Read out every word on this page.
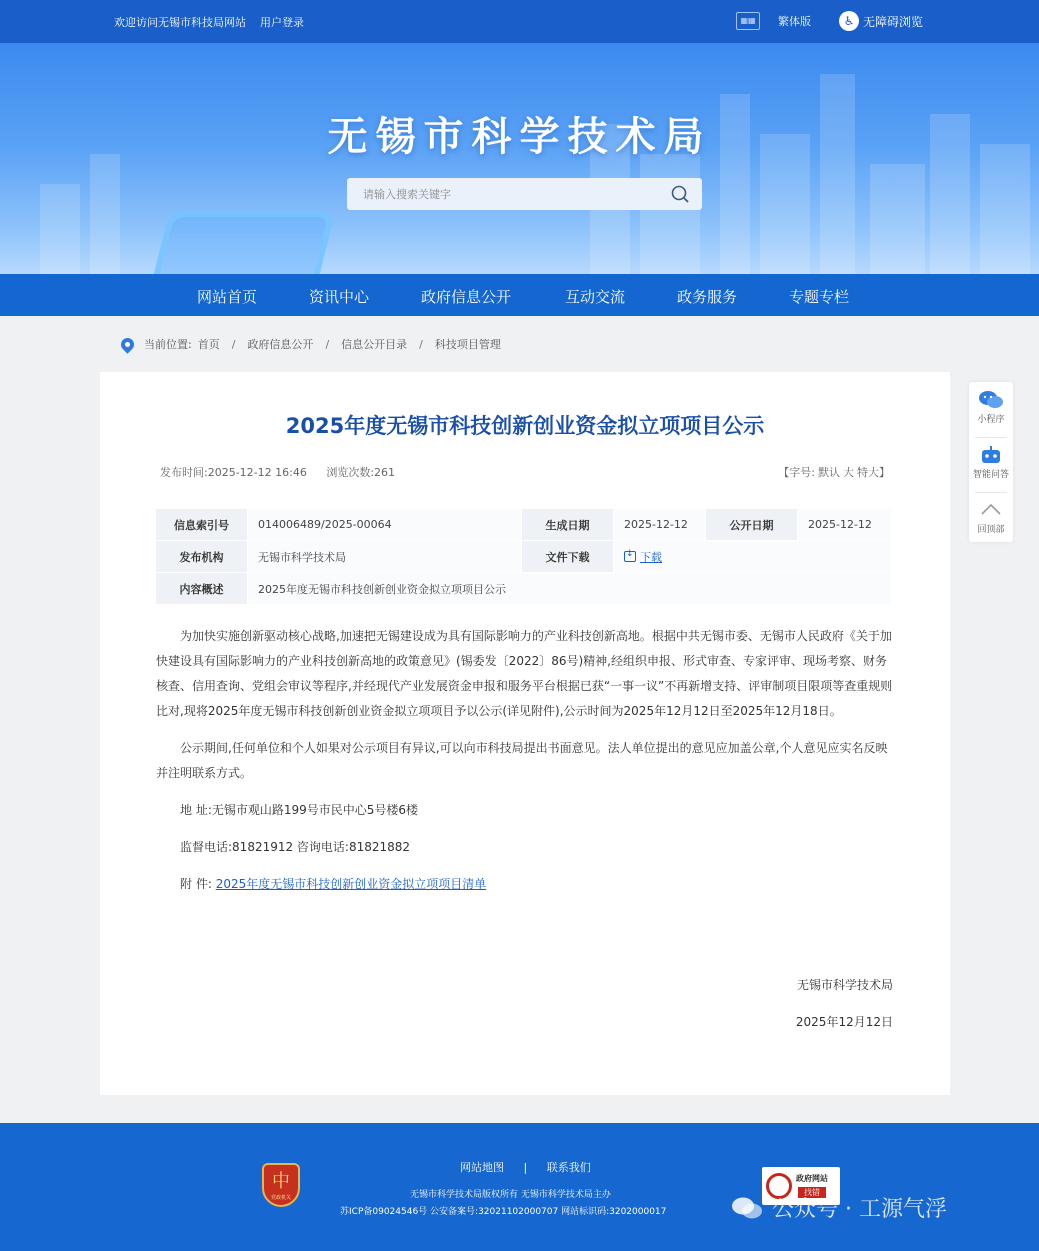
欢迎访问无锡市科技局网站 用户登录	▦▦	繁体版	♿ 无障碍浏览
无锡市科学技术局
请输入搜索关键字
网站首页	资讯中心	政府信息公开	互动交流	政务服务	专题专栏
当前位置: 首页 / 政府信息公开 / 信息公开目录 / 科技项目管理
2025年度无锡市科技创新创业资金拟立项项目公示
发布时间:2025-12-12 16:46 浏览次数:261	【字号: 默认 大 特大】
信息索引号	014006489/2025-00064	生成日期	2025-12-12	公开日期	2025-12-12
发布机构	无锡市科学技术局	文件下载	↓下载
内容概述	2025年度无锡市科技创新创业资金拟立项项目公示				

为加快实施创新驱动核心战略,加速把无锡建设成为具有国际影响力的产业科技创新高地。根据中共无锡市委、无锡市人民政府《关于加快建设具有国际影响力的产业科技创新高地的政策意见》(锡委发〔2022〕86号)精神,经组织申报、形式审查、专家评审、现场考察、财务核查、信用查询、党组会审议等程序,并经现代产业发展资金申报和服务平台根据已获“一事一议”不再新增支持、评审制项目限项等查重规则比对,现将2025年度无锡市科技创新创业资金拟立项项目予以公示(详见附件),公示时间为2025年12月12日至2025年12月18日。

公示期间,任何单位和个人如果对公示项目有异议,可以向市科技局提出书面意见。法人单位提出的意见应加盖公章,个人意见应实名反映并注明联系方式。

地 址:无锡市观山路199号市民中心5号楼6楼
监督电话:81821912 咨询电话:81821882
附 件: 2025年度无锡市科技创新创业资金拟立项项目清单
无锡市科学技术局
2025年12月12日
小程序
智能问答
回顶部
中
党政机关
网站地图 | 联系我们
无锡市科学技术局版权所有 无锡市科学技术局主办
苏ICP备09024546号 公安备案号:32021102000707 网站标识码:3202000017
政府网站
找错
公众号 · 工源气浮
